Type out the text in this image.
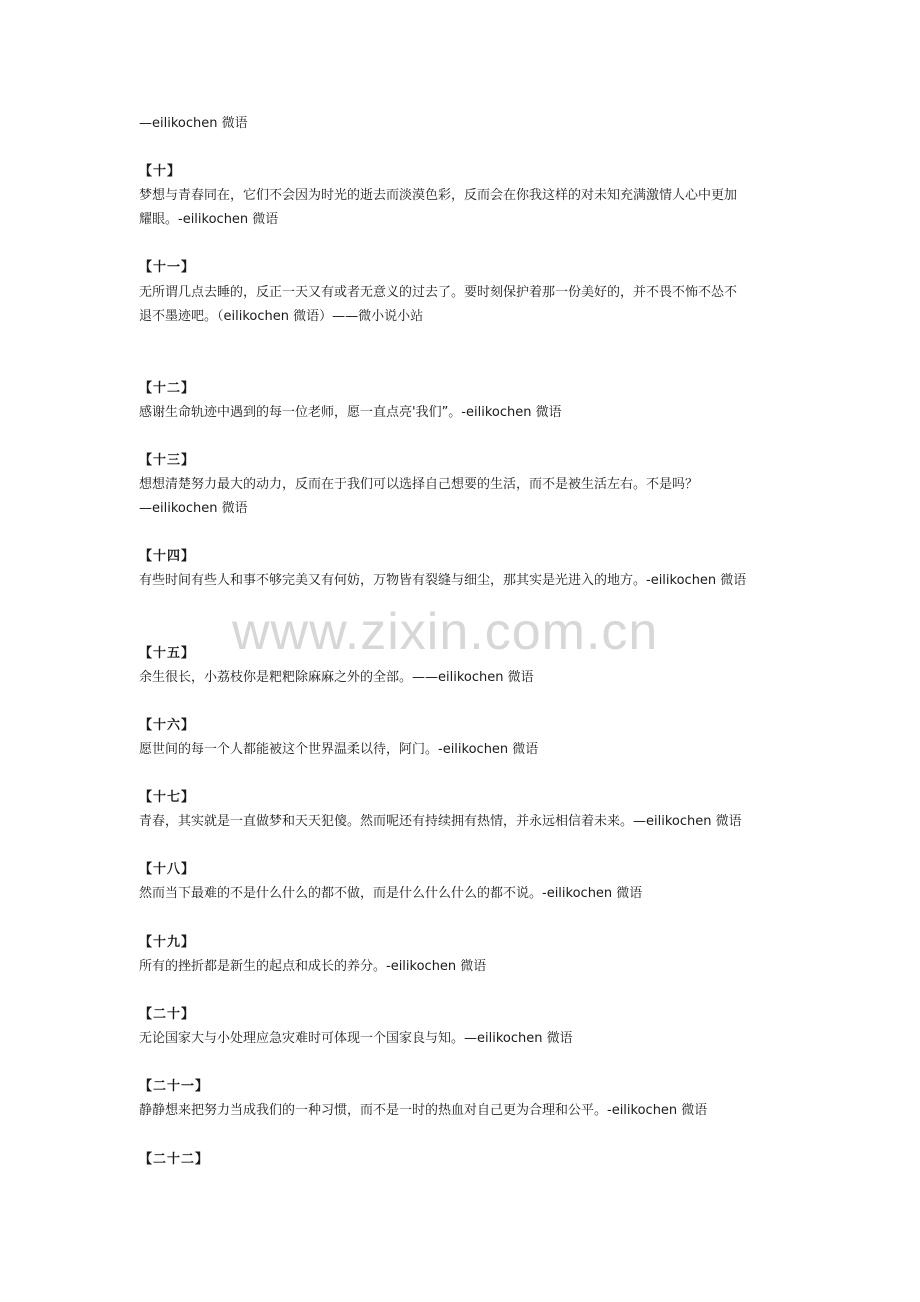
www.zixin.com.cn
—eilikochen 微语
【十】
梦想与青春同在，它们不会因为时光的逝去而淡漠色彩，反而会在你我这样的对未知充满激情人心中更加
耀眼。-eilikochen 微语
【十一】
无所谓几点去睡的，反正一天又有或者无意义的过去了。要时刻保护着那一份美好的，并不畏不怖不怂不
退不墨迹吧。（eilikochen 微语）——微小说小站
【十二】
感谢生命轨迹中遇到的每一位老师，愿一直点亮'我们”。-eilikochen 微语
【十三】
想想清楚努力最大的动力，反而在于我们可以选择自己想要的生活，而不是被生活左右。不是吗？
—eilikochen 微语
【十四】
有些时间有些人和事不够完美又有何妨，万物皆有裂缝与细尘，那其实是光进入的地方。-eilikochen 微语
【十五】
余生很长，小荔枝你是粑粑除麻麻之外的全部。——eilikochen 微语
【十六】
愿世间的每一个人都能被这个世界温柔以待，阿门。-eilikochen 微语
【十七】
青春，其实就是一直做梦和天天犯傻。然而呢还有持续拥有热情，并永远相信着未来。—eilikochen 微语
【十八】
然而当下最难的不是什么什么的都不做，而是什么什么什么的都不说。-eilikochen 微语
【十九】
所有的挫折都是新生的起点和成长的养分。-eilikochen 微语
【二十】
无论国家大与小处理应急灾难时可体现一个国家良与知。—eilikochen 微语
【二十一】
静静想来把努力当成我们的一种习惯，而不是一时的热血对自己更为合理和公平。-eilikochen 微语
【二十二】
